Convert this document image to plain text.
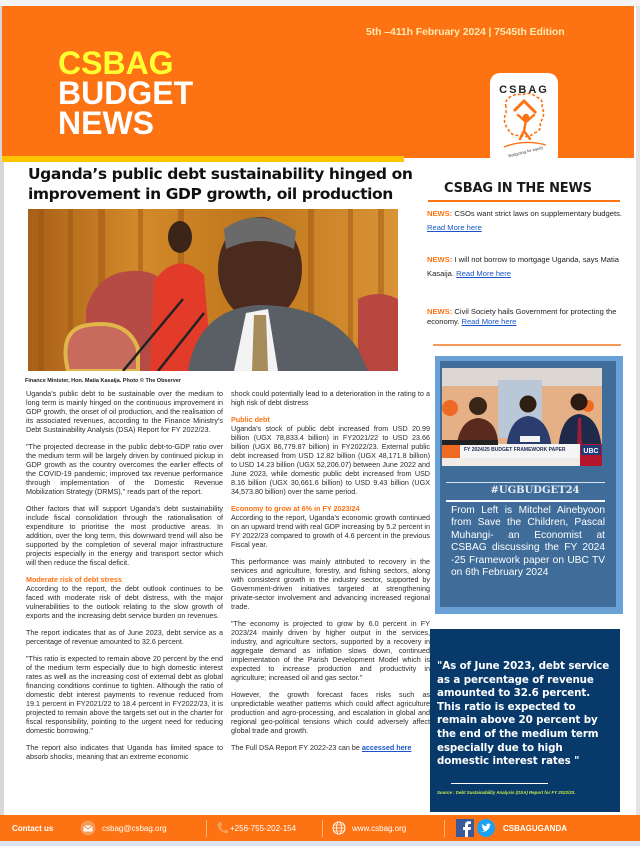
5th –411h February 2024 | 7545th Edition
CSBAG
BUDGET
NEWS
CSBAG
Budgeting for equity
Uganda’s public debt sustainability hinged on
improvement in GDP growth, oil production
Finance Minister, Hon. Matia Kasaija. Photo © The Observer

Uganda’s public debt to be sustainable over the medium to long term is mainly hinged on the continuous improvement in GDP growth, the onset of oil production, and the realisation of its associated revenues, according to the Finance Ministry’s Debt Sustainability Analysis (DSA) Report for FY 2022/23.

"The projected decrease in the public debt-to-GDP ratio over the medium term will be largely driven by continued pickup in GDP growth as the country overcomes the earlier effects of the COVID-19 pandemic; improved tax revenue performance through implementation of the Domestic Revenue Mobilization Strategy (DRMS)," reads part of the report.

Other factors that will support Uganda’s debt sustainability include fiscal consolidation through the rationalisation of expenditure to prioritise the most productive areas. In addition, over the long term, this downward trend will also be supported by the completion of several major infrastructure projects especially in the energy and transport sector which will then reduce the fiscal deficit.

Moderate risk of debt stress
According to the report, the debt outlook continues to be faced with moderate risk of debt distress, with the major vulnerabilities to the outlook relating to the slow growth of exports and the increasing debt service burden on revenues.

The report indicates that as of June 2023, debt service as a percentage of revenue amounted to 32.6 percent.

"This ratio is expected to remain above 20 percent by the end of the medium term especially due to high domestic interest rates as well as the increasing cost of external debt as global financing conditions continue to tighten. Although the ratio of domestic debt interest payments to revenue reduced from 19.1 percent in FY2021/22 to 18.4 percent in FY2022/23, it is projected to remain above the targets set out in the charter for fiscal responsibility, pointing to the urgent need for reducing domestic borrowing."

The report also indicates that Uganda has limited space to absorb shocks, meaning that an extreme economic

shock could potentially lead to a deterioration in the rating to a high risk of debt distress

Public debt
Uganda’s stock of public debt increased from USD 20.99 billion (UGX 78,833.4 billion) in FY2021/22 to USD 23.66 billion (UGX 86,779.87 billion) in FY2022/23. External public debt increased from USD 12.82 billion (UGX 48,171.8 billion) to USD 14.23 billion (UGX 52,206.07) between June 2022 and June 2023, while domestic public debt increased from USD 8.16 billion (UGX 30,661.6 billion) to USD 9.43 billion (UGX 34,573.80 billion) over the same period.

Economy to grow at 6% in FY 2023/24
According to the report, Uganda’s economic growth continued on an upward trend with real GDP increasing by 5.2 percent in FY 2022/23 compared to growth of 4.6 percent in the previous Fiscal year.

This performance was mainly attributed to recovery in the services and agriculture, forestry, and fishing sectors, along with consistent growth in the industry sector, supported by Government-driven initiatives targeted at strengthening private-sector involvement and advancing increased regional trade.

"The economy is projected to grow by 6.0 percent in FY 2023/24 mainly driven by higher output in the services, industry, and agriculture sectors, supported by a recovery in aggregate demand as inflation slows down, continued implementation of the Parish Development Model which is expected to increase production and productivity in agriculture; increased oil and gas sector."

However, the growth forecast faces risks such as unpredictable weather patterns which could affect agriculture production and agro-processing, and escalation in global and regional geo-political tensions which could adversely affect global trade and growth.

The Full DSA Report FY 2022-23 can be accessed here

CSBAG IN THE NEWS
NEWS: CSOs want strict laws on supplementary budgets. Read More here
NEWS: I will not borrow to mortgage Uganda, says Matia Kasaija. Read More here
NEWS: Civil Society hails Government for protecting the economy. Read More here
FY 2024/25 BUDGET FRAMEWORK PAPER	UBC
#UGBUDGET24
From Left is Mitchel Ainebyoon from Save the Children, Pascal Muhangi- an Economist at CSBAG discussing the FY 2024 -25 Framework paper on UBC TV on 6th February 2024
"As of June 2023, debt service as a percentage of revenue amounted to 32.6 percent. This ratio is expected to remain above 20 percent by the end of the medium term especially due to high domestic interest rates "
Source : Debt Sustainability Analysis (DSA) Report for FY 2022/23.
Contact us	csbag@csbag.org	+256-755-202-154	www.csbag.org	CSBAGUGANDA
